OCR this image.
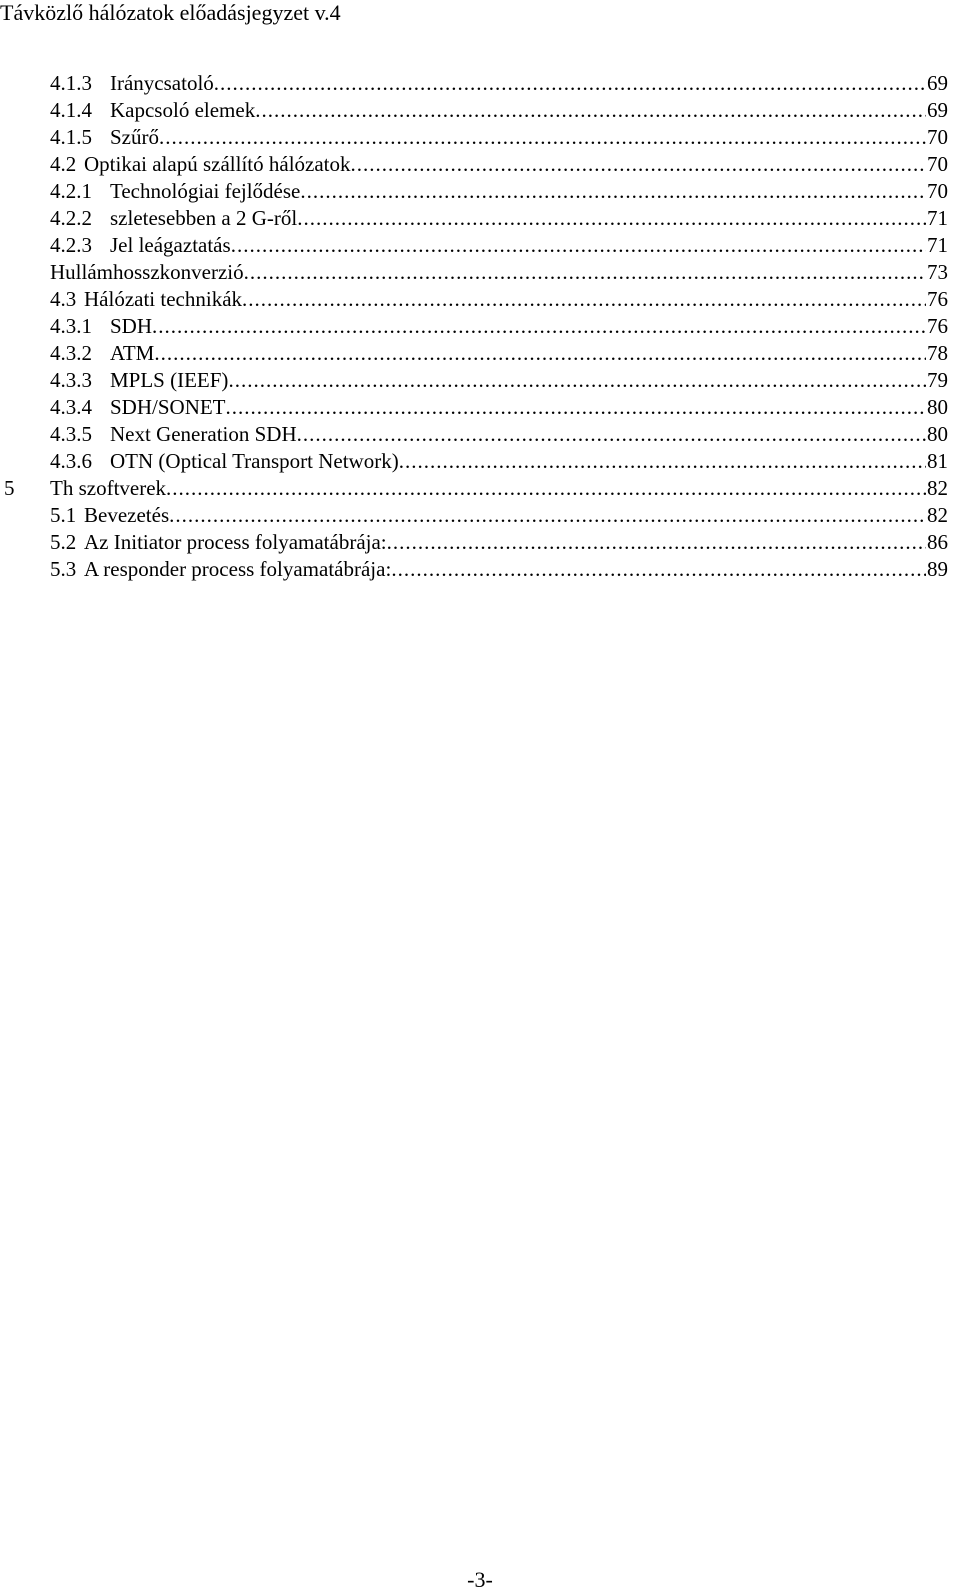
Távközlő hálózatok előadásjegyzet v.4
4.1.3 Iránycsatoló .....	69
4.1.4 Kapcsoló elemek .....	69
4.1.5 Szűrő .....	70
4.2 Optikai alapú szállító hálózatok .....	70
4.2.1 Technológiai fejlődése .....	70
4.2.2 szletesebben a 2 G-ről .....	71
4.2.3 Jel leágaztatás .....	71
Hullámhosszkonverzió .....	73
4.3 Hálózati technikák .....	76
4.3.1 SDH .....	76
4.3.2 ATM .....	78
4.3.3 MPLS (IEEF) .....	79
4.3.4 SDH/SONET .....	80
4.3.5 Next Generation SDH .....	80
4.3.6 OTN (Optical Transport Network) .....	81
5 Th szoftverek .....	82
5.1 Bevezetés .....	82
5.2 Az Initiator process folyamatábrája: .....	86
5.3 A responder process folyamatábrája: .....	89
-3-
